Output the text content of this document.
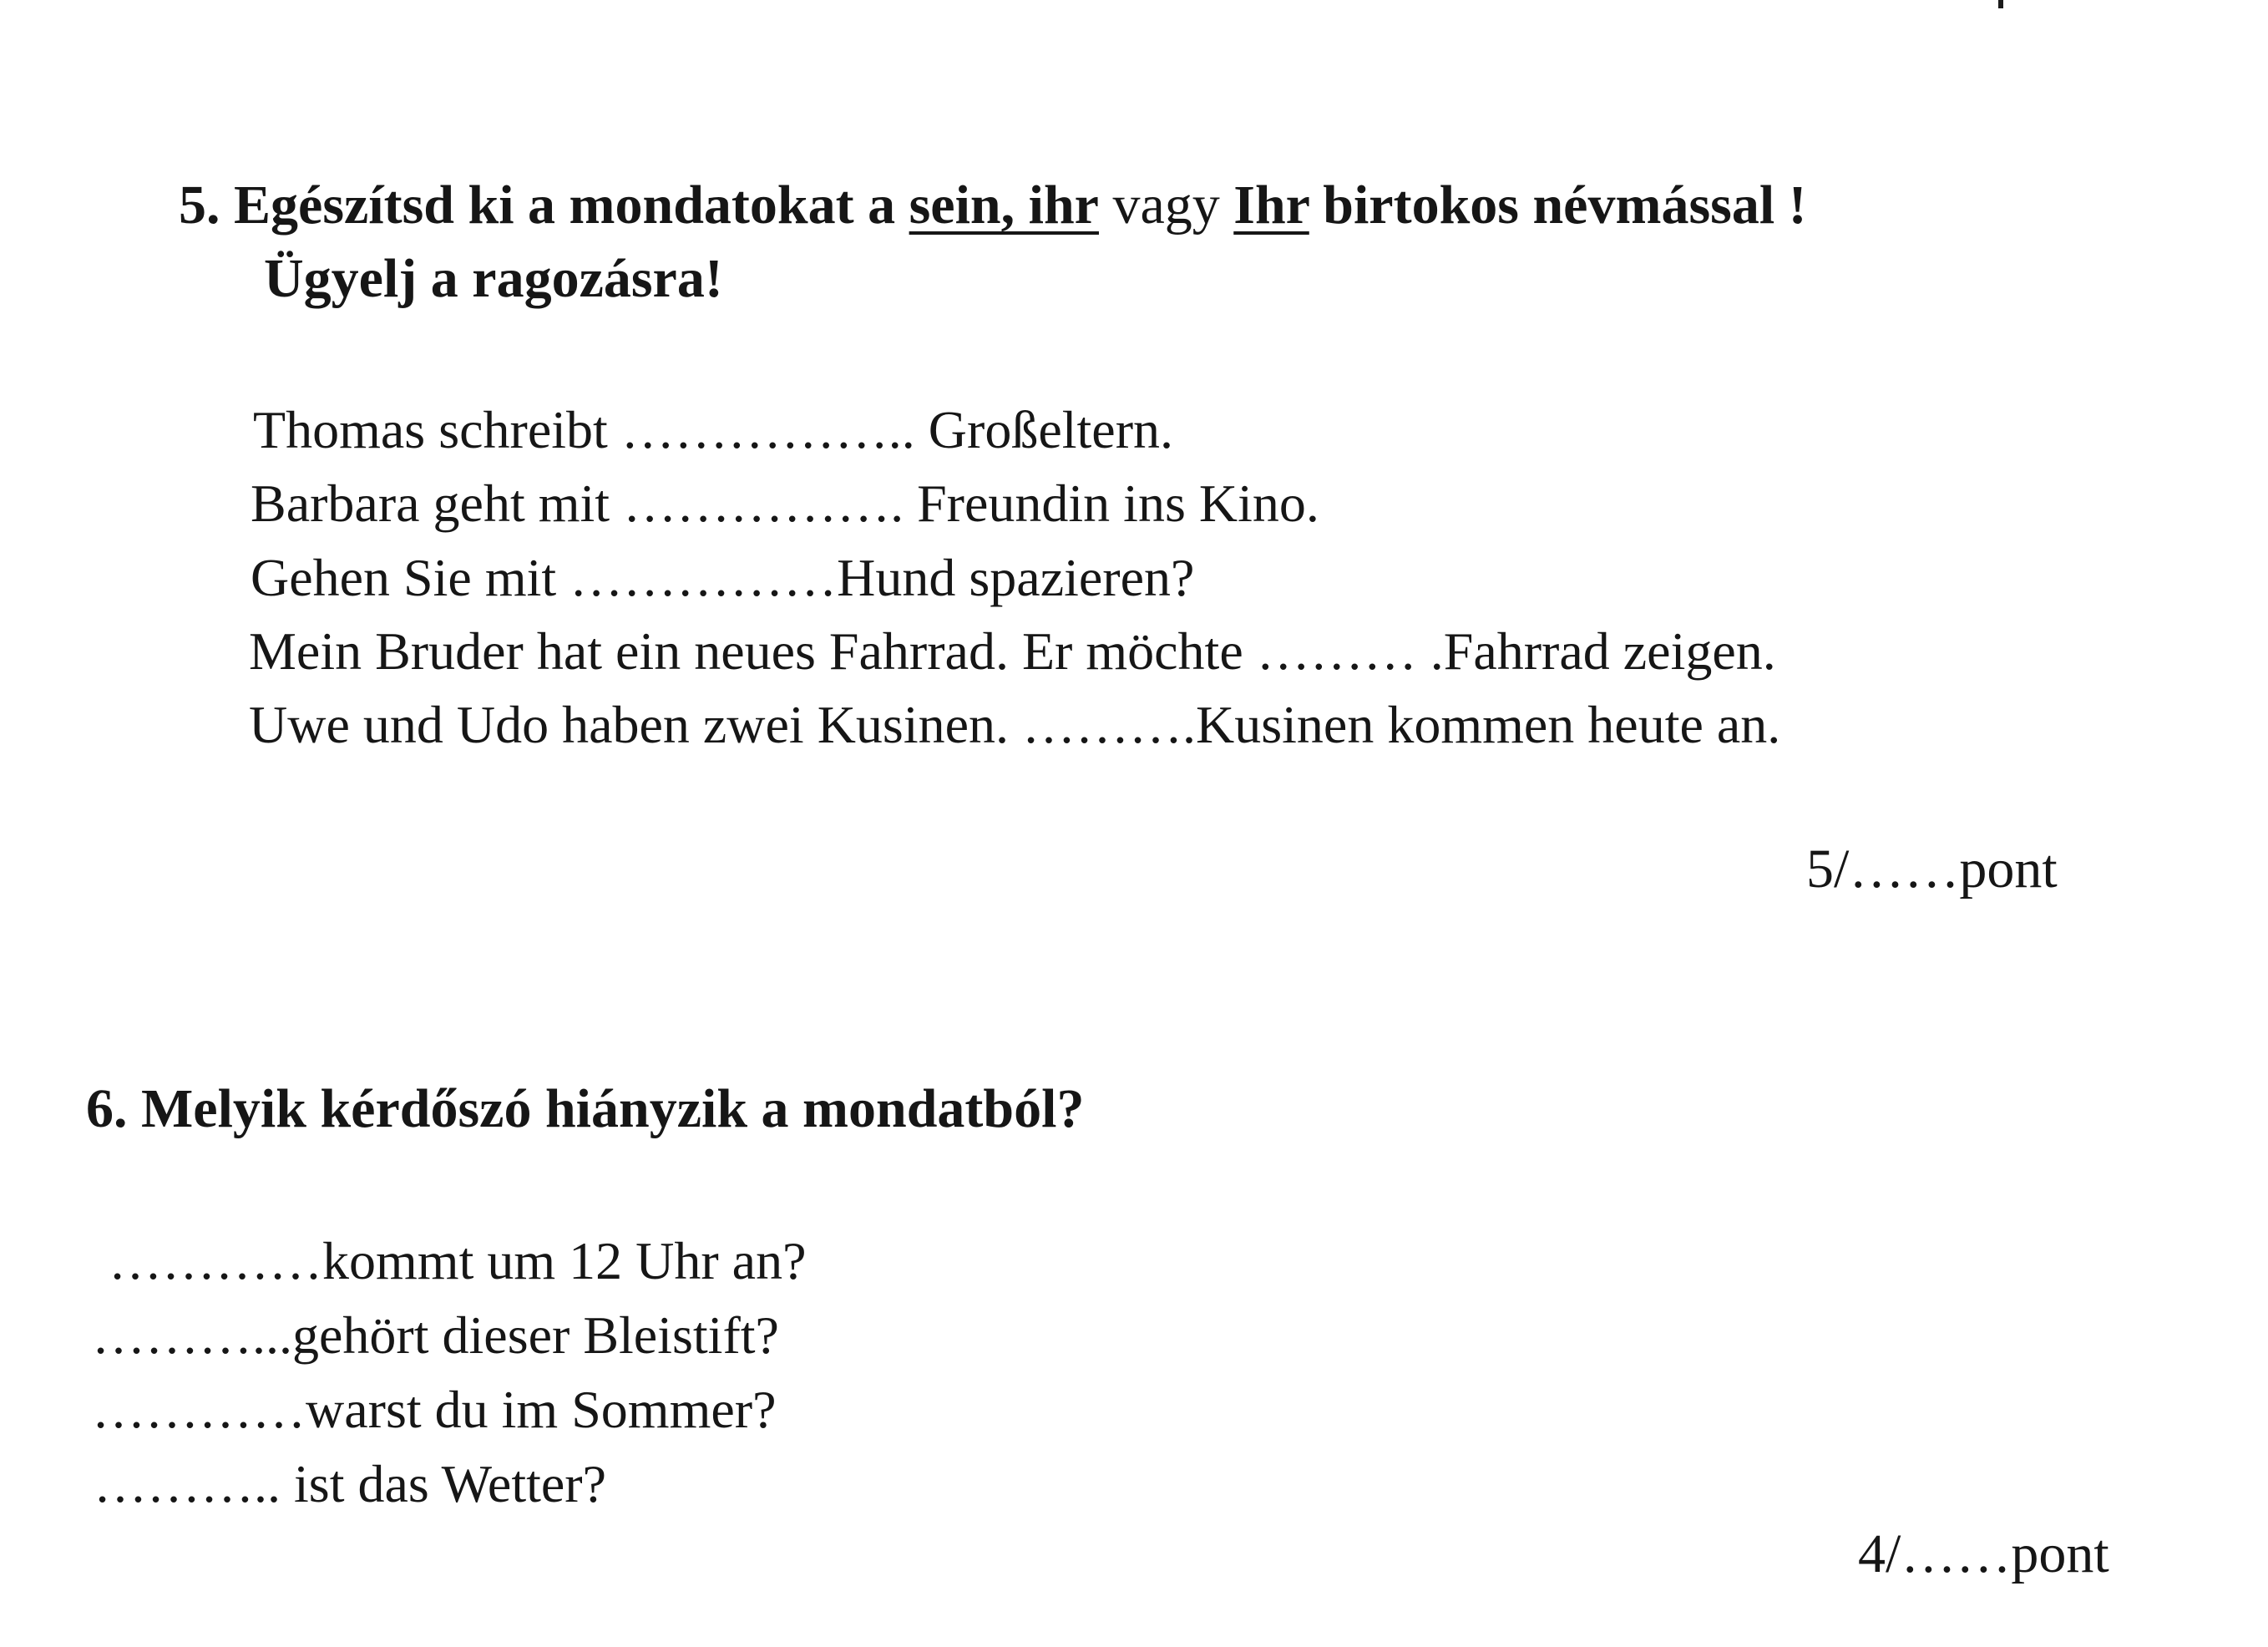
5. Egészítsd ki a mondatokat a sein, ihr vagy Ihr birtokos névmással !
Ügyelj a ragozásra!
Thomas schreibt …………….. Großeltern.
Barbara geht mit ……………. Freundin ins Kino.
Gehen Sie mit ……………Hund spazieren?
Mein Bruder hat ein neues Fahrrad. Er möchte ……… .Fahrrad zeigen.
Uwe und Udo haben zwei Kusinen. ……….Kusinen kommen heute an.
5/……pont
6. Melyik kérdőszó hiányzik a mondatból?
…………kommt um 12 Uhr an?
………...gehört dieser Bleistift?
…………warst du im Sommer?
……….. ist das Wetter?
4/……pont
